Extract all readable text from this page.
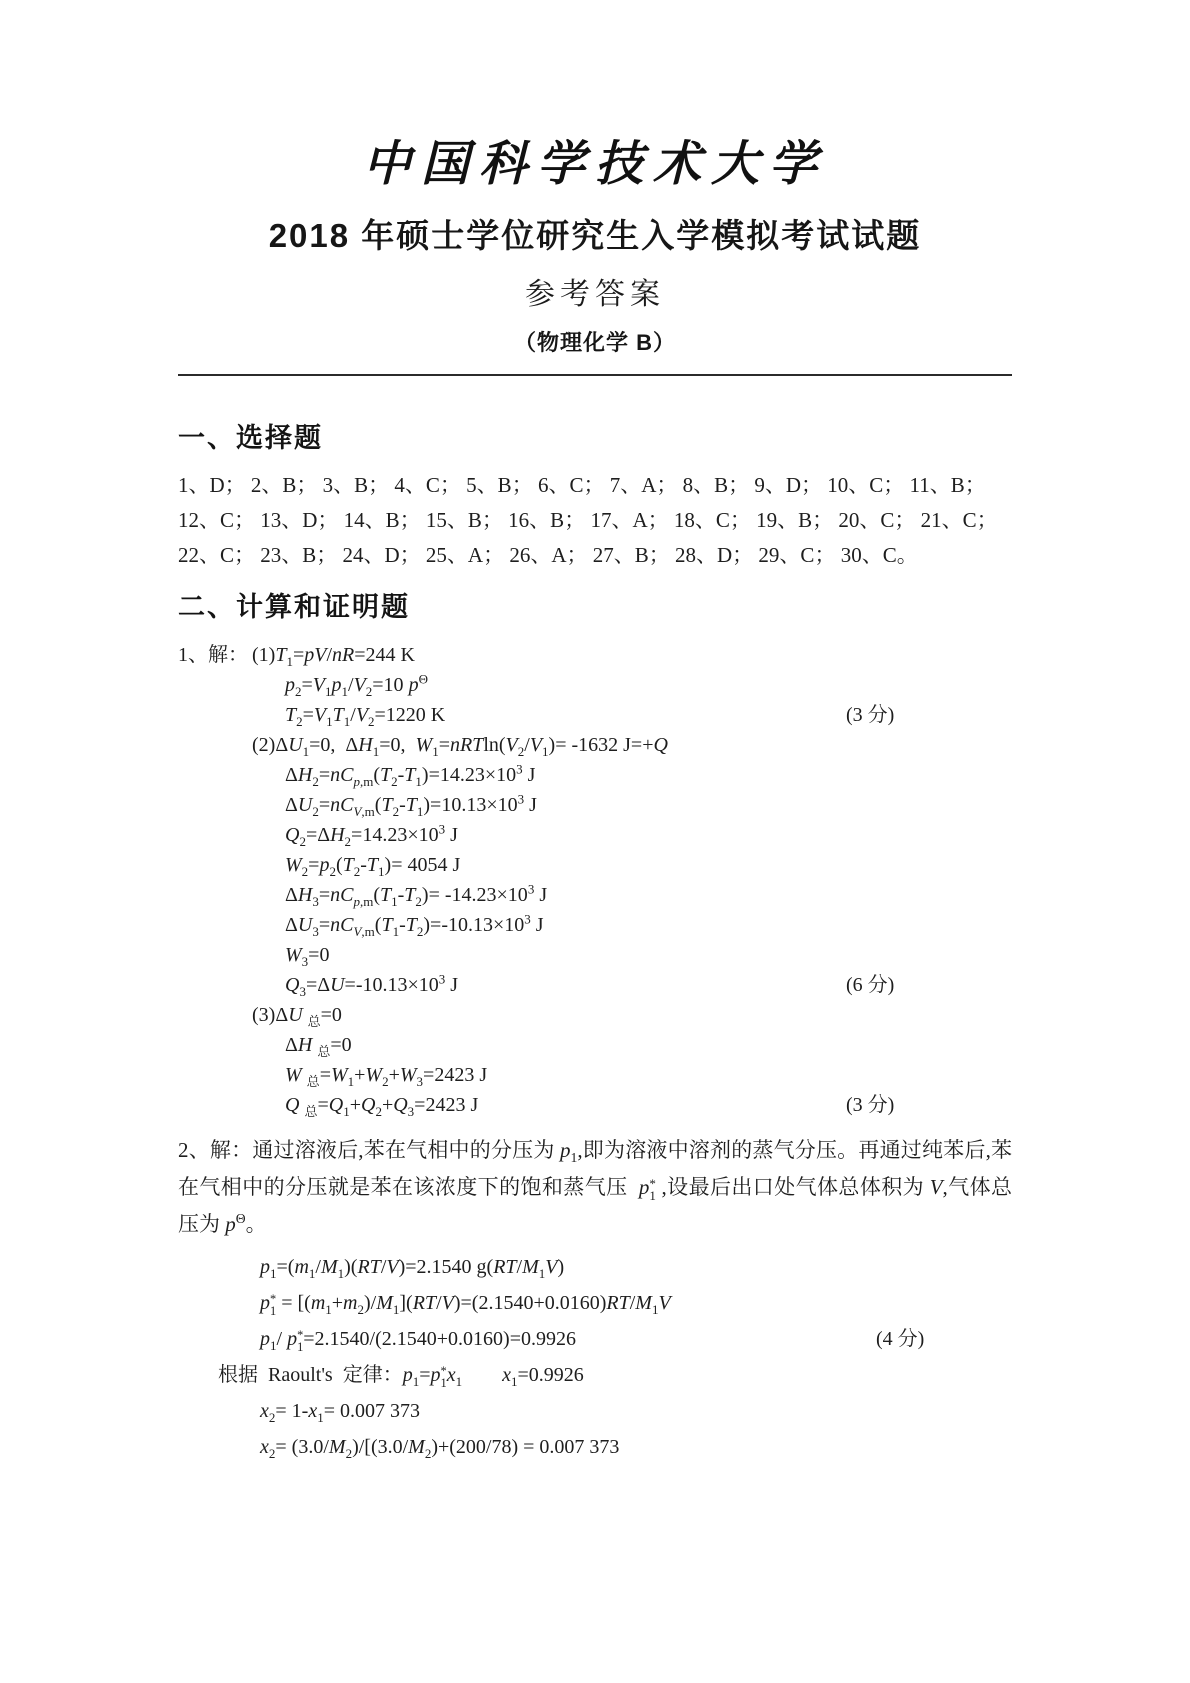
中国科学技术大学
2018 年硕士学位研究生入学模拟考试试题
参考答案
（物理化学 B）
一、选择题
1、D； 2、B； 3、B； 4、C； 5、B； 6、C； 7、A； 8、B； 9、D； 10、C； 11、B；
12、C； 13、D； 14、B； 15、B； 16、B； 17、A； 18、C； 19、B； 20、C； 21、C；
22、C； 23、B； 24、D； 25、A； 26、A； 27、B； 28、D； 29、C； 30、C。
二、计算和证明题
1、解： $(1)T_1=pV/nR=244$ K
$p_2=V_1p_1/V_2=10$ $p^\Theta$
$T_2=V_1T_1/V_2=1220$ K	(3 分)
$(2)\Delta U_1=0$,  $\Delta H_1=0$,  $W_1=nRTln(V_2/V_1)= -1632$ J=+Q
$\Delta H_2=nC_{p,m}(T_2-T_1)=14.23\times 10^3$ J
$\Delta U_2=nC_{V,m}(T_2-T_1)=10.13\times 10^3$ J
$Q_2=\Delta H_2=14.23\times 10^3$ J
$W_2=p_2(T_2-T_1)= 4054$ J
$\Delta H_3=nC_{p,m}(T_1-T_2)= -14.23\times 10^3$ J
$\Delta U_3=nC_{V,m}(T_1-T_2)=-10.13\times 10^3$ J
$W_3=0$
$Q_3=\Delta U=-10.13\times 10^3$ J	(6 分)
(3)ΔU $_总$=0
ΔH $_总$=0
W $_总=W_1+W_2+W_3=2423$ J
Q $_总=Q_1+Q_2+Q_3=2423$ J	(3 分)

2、解：通过溶液后,苯在气相中的分压为 $p_1$,即为溶液中溶剂的蒸气分压。再通过纯苯后,苯在气相中的分压就是苯在该浓度下的饱和蒸气压  p *
1 ,设最后出口处气体总体积为 V,气体总压为 $p^\Theta$。

$p_1=(m_1/M_1)(RT/V)=2.1540$ $g(RT/M_1V)$
p *
$1 = [(m_1+m_2)/M_1](RT/V)=(2.1540+0.0160)RT/M_1V$
$p_1/$ p *
1 =2.1540/(2.1540+0.0160)=0.9926	(4 分)
根据  Raoult's  定律：$p_1=p$ *
1 $x_1$ $x_1=0.9926$
$x_2= 1-x_1= 0.007$ 373
$x_2= (3.0/M_2)/[(3.0/M_2)+(200/78) = 0.007$ 373
